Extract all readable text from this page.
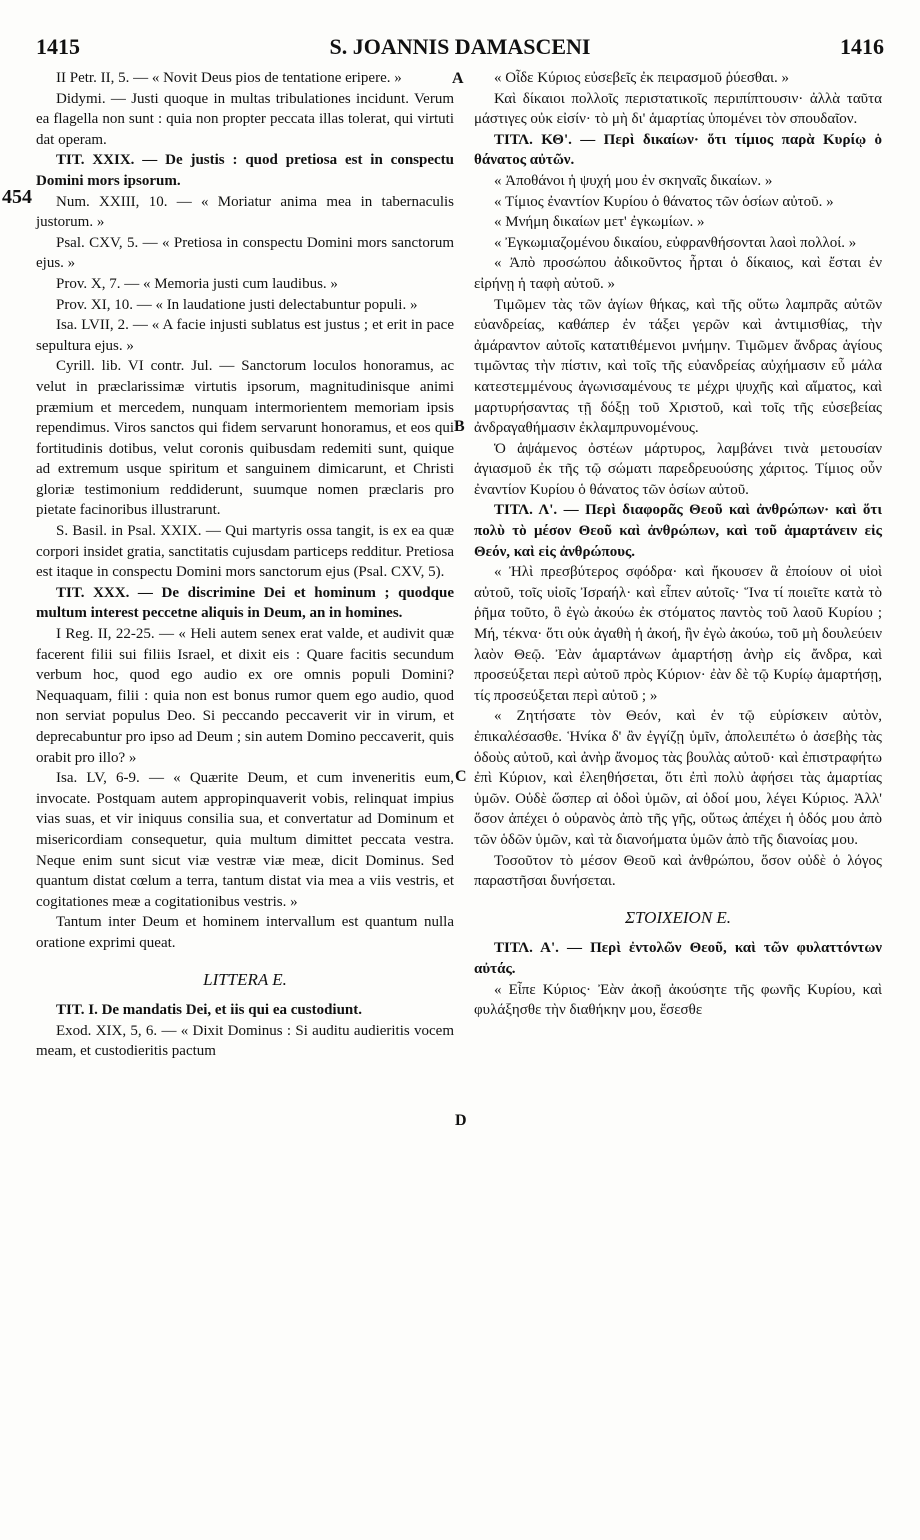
1415	S. JOANNIS DAMASCENI	1416
454
A
B
C
D

II Petr. II, 5. — « Novit Deus pios de tentatione eripere. »

Didymi. — Justi quoque in multas tribulationes incidunt. Verum ea flagella non sunt : quia non propter peccata illas tolerat, qui virtuti dat operam.

TIT. XXIX. — De justis : quod pretiosa est in conspectu Domini mors ipsorum.

Num. XXIII, 10. — « Moriatur anima mea in tabernaculis justorum. »

Psal. CXV, 5. — « Pretiosa in conspectu Domini mors sanctorum ejus. »

Prov. X, 7. — « Memoria justi cum laudibus. »

Prov. XI, 10. — « In laudatione justi delectabuntur populi. »

Isa. LVII, 2. — « A facie injusti sublatus est justus ; et erit in pace sepultura ejus. »

Cyrill. lib. VI contr. Jul. — Sanctorum loculos honoramus, ac velut in præclarissimæ virtutis ipsorum, magnitudinisque animi præmium et mercedem, nunquam intermorientem memoriam ipsis rependimus. Viros sanctos qui fidem servarunt honoramus, et eos qui fortitudinis dotibus, velut coronis quibusdam redemiti sunt, quique ad extremum usque spiritum et sanguinem dimicarunt, et Christi gloriæ testimonium reddiderunt, suumque nomen præclaris pro pietate facinoribus illustrarunt.

S. Basil. in Psal. XXIX. — Qui martyris ossa tangit, is ex ea quæ corpori insidet gratia, sanctitatis cujusdam particeps redditur. Pretiosa est itaque in conspectu Domini mors sanctorum ejus (Psal. CXV, 5).

TIT. XXX. — De discrimine Dei et hominum ; quodque multum interest peccetne aliquis in Deum, an in homines.

I Reg. II, 22-25. — « Heli autem senex erat valde, et audivit quæ facerent filii sui filiis Israel, et dixit eis : Quare facitis secundum verbum hoc, quod ego audio ex ore omnis populi Domini? Nequaquam, filii : quia non est bonus rumor quem ego audio, quod non serviat populus Deo. Si peccando peccaverit vir in virum, et deprecabuntur pro ipso ad Deum ; sin autem Domino peccaverit, quis orabit pro illo? »

Isa. LV, 6-9. — « Quærite Deum, et cum inveneritis eum, invocate. Postquam autem appropinquaverit vobis, relinquat impius vias suas, et vir iniquus consilia sua, et convertatur ad Dominum et misericordiam consequetur, quia multum dimittet peccata vestra. Neque enim sunt sicut viæ vestræ viæ meæ, dicit Dominus. Sed quantum distat cœlum a terra, tantum distat via mea a viis vestris, et cogitationes meæ a cogitationibus vestris. »

Tantum inter Deum et hominem intervallum est quantum nulla oratione exprimi queat.

LITTERA E.

TIT. I. De mandatis Dei, et iis qui ea custodiunt.

Exod. XIX, 5, 6. — « Dixit Dominus : Si auditu audieritis vocem meam, et custodieritis pactum

« Οἶδε Κύριος εὐσεβεῖς ἐκ πειρασμοῦ ῥύεσθαι. »

Καὶ δίκαιοι πολλοῖς περιστατικοῖς περιπίπτουσιν· ἀλλὰ ταῦτα μάστιγες οὐκ εἰσίν· τὸ μὴ δι' ἁμαρτίας ὑπομένει τὸν σπουδαῖον.

ΤΙΤΛ. ΚΘ'. — Περὶ δικαίων· ὅτι τίμιος παρὰ Κυρίῳ ὁ θάνατος αὐτῶν.

« Ἀποθάνοι ἡ ψυχή μου ἐν σκηναῖς δικαίων. »

« Τίμιος ἐναντίον Κυρίου ὁ θάνατος τῶν ὁσίων αὐτοῦ. »

« Μνήμη δικαίων μετ' ἐγκωμίων. »

« Ἐγκωμιαζομένου δικαίου, εὐφρανθήσονται λαοὶ πολλοί. »

« Ἀπὸ προσώπου ἀδικοῦντος ἦρται ὁ δίκαιος, καὶ ἔσται ἐν εἰρήνῃ ἡ ταφὴ αὐτοῦ. »

Τιμῶμεν τὰς τῶν ἁγίων θήκας, καὶ τῆς οὕτω λαμπρᾶς αὐτῶν εὐανδρείας, καθάπερ ἐν τάξει γερῶν καὶ ἀντιμισθίας, τὴν ἀμάραντον αὐτοῖς κατατιθέμενοι μνήμην. Τιμῶμεν ἄνδρας ἁγίους τιμῶντας τὴν πίστιν, καὶ τοῖς τῆς εὐανδρείας αὐχήμασιν εὖ μάλα κατεστεμμένους ἀγωνισαμένους τε μέχρι ψυχῆς καὶ αἵματος, καὶ μαρτυρήσαντας τῇ δόξῃ τοῦ Χριστοῦ, καὶ τοῖς τῆς εὐσεβείας ἀνδραγαθήμασιν ἐκλαμπρυνομένους.

Ὁ ἁψάμενος ὀστέων μάρτυρος, λαμβάνει τινὰ μετουσίαν ἁγιασμοῦ ἐκ τῆς τῷ σώματι παρεδρευούσης χάριτος. Τίμιος οὖν ἐναντίον Κυρίου ὁ θάνατος τῶν ὁσίων αὐτοῦ.

ΤΙΤΛ. Λ'. — Περὶ διαφορᾶς Θεοῦ καὶ ἀνθρώπων· καὶ ὅτι πολὺ τὸ μέσον Θεοῦ καὶ ἀνθρώπων, καὶ τοῦ ἁμαρτάνειν εἰς Θεόν, καὶ εἰς ἀνθρώπους.

« Ἠλὶ πρεσβύτερος σφόδρα· καὶ ἤκουσεν ἃ ἐποίουν οἱ υἱοὶ αὐτοῦ, τοῖς υἱοῖς Ἰσραήλ· καὶ εἶπεν αὐτοῖς· Ἵνα τί ποιεῖτε κατὰ τὸ ῥῆμα τοῦτο, ὃ ἐγὼ ἀκούω ἐκ στόματος παντὸς τοῦ λαοῦ Κυρίου ; Μή, τέκνα· ὅτι οὐκ ἀγαθὴ ἡ ἀκοή, ἣν ἐγὼ ἀκούω, τοῦ μὴ δουλεύειν λαὸν Θεῷ. Ἐὰν ἁμαρτάνων ἁμαρτήσῃ ἀνὴρ εἰς ἄνδρα, καὶ προσεύξεται περὶ αὐτοῦ πρὸς Κύριον· ἐὰν δὲ τῷ Κυρίῳ ἁμαρτήσῃ, τίς προσεύξεται περὶ αὐτοῦ ; »

« Ζητήσατε τὸν Θεόν, καὶ ἐν τῷ εὑρίσκειν αὐτὸν, ἐπικαλέσασθε. Ἡνίκα δ' ἂν ἐγγίζῃ ὑμῖν, ἀπολειπέτω ὁ ἀσεβὴς τὰς ὁδοὺς αὐτοῦ, καὶ ἀνὴρ ἄνομος τὰς βουλὰς αὐτοῦ· καὶ ἐπιστραφήτω ἐπὶ Κύριον, καὶ ἐλεηθήσεται, ὅτι ἐπὶ πολὺ ἀφήσει τὰς ἁμαρτίας ὑμῶν. Οὐδὲ ὥσπερ αἱ ὁδοὶ ὑμῶν, αἱ ὁδοί μου, λέγει Κύριος. Ἀλλ' ὅσον ἀπέχει ὁ οὐρανὸς ἀπὸ τῆς γῆς, οὕτως ἀπέχει ἡ ὁδός μου ἀπὸ τῶν ὁδῶν ὑμῶν, καὶ τὰ διανοήματα ὑμῶν ἀπὸ τῆς διανοίας μου.

Τοσοῦτον τὸ μέσον Θεοῦ καὶ ἀνθρώπου, ὅσον οὐδὲ ὁ λόγος παραστῆσαι δυνήσεται.

ΣΤΟΙΧΕΙΟΝ Ε.

ΤΙΤΛ. Α'. — Περὶ ἐντολῶν Θεοῦ, καὶ τῶν φυλαττόντων αὐτάς.

« Εἶπε Κύριος· Ἐὰν ἀκοῇ ἀκούσητε τῆς φωνῆς Κυρίου, καὶ φυλάξησθε τὴν διαθήκην μου, ἔσεσθε
